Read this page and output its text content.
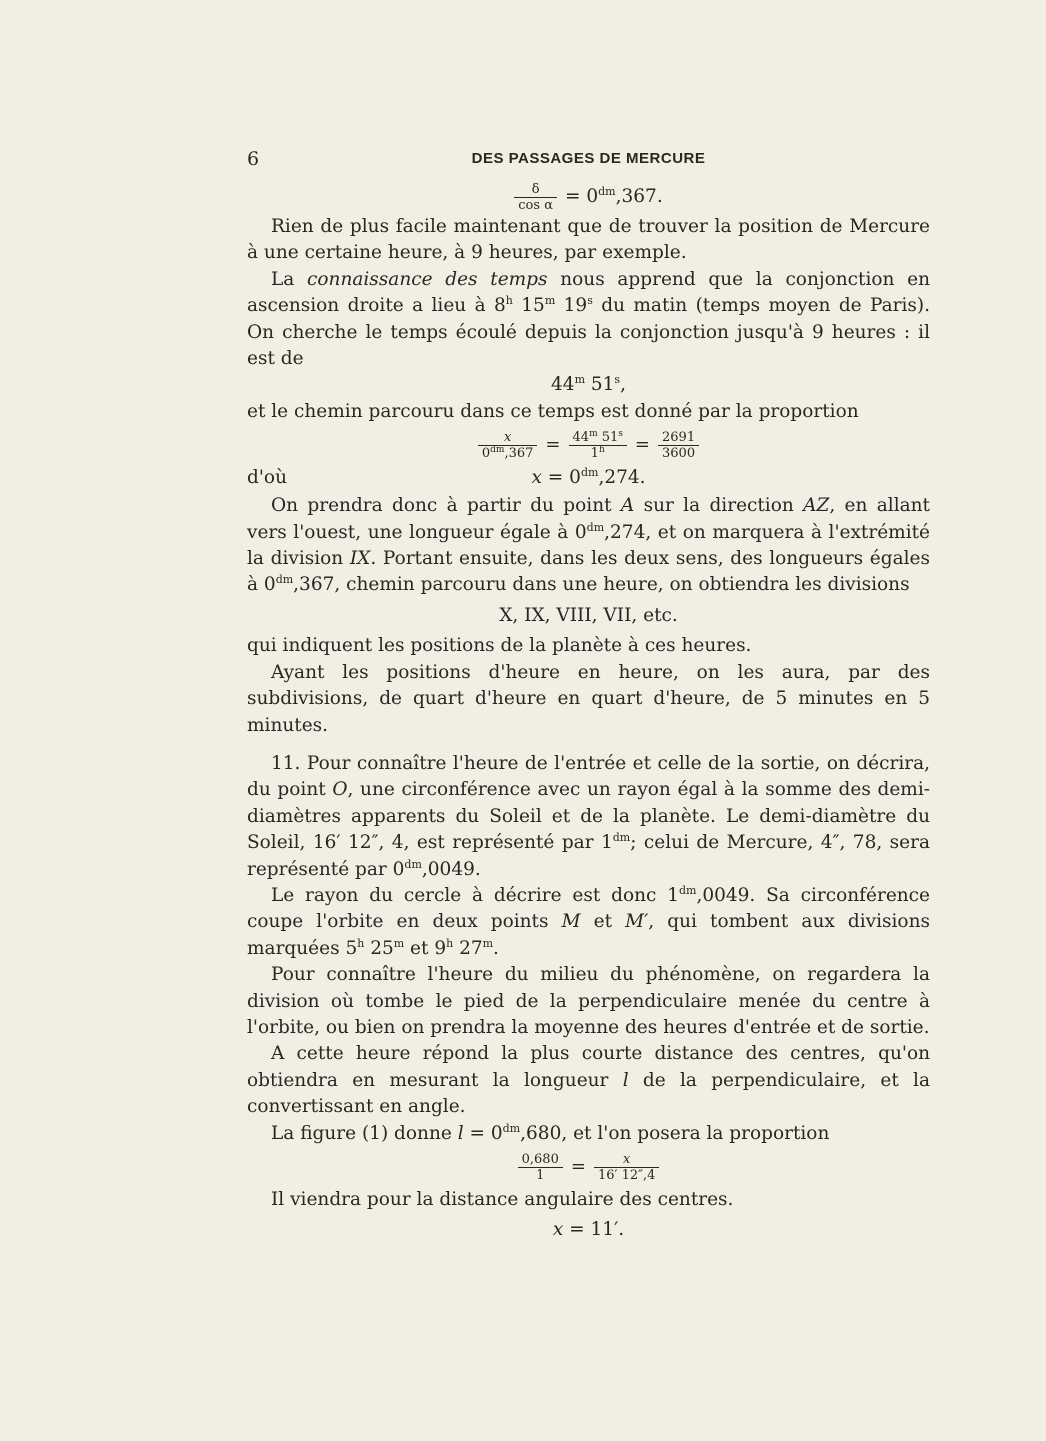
6	DES PASSAGES DE MERCURE
$\frac{\delta}{\text{cos α}} = 0^{dm},367$.

Rien de plus facile maintenant que de trouver la position de Mercure à une certaine heure, à 9 heures, par exemple.

La connaissance des temps nous apprend que la conjonction en ascension droite a lieu à 8$^h$ 15$^m$ 19$^s$ du matin (temps moyen de Paris). On cherche le temps écoulé depuis la conjonction jusqu'à 9 heures : il est de

44$^m$ 51$^s$,

et le chemin parcouru dans ce temps est donné par la proportion

$\frac{x}{0^{dm},367} = \frac{44^m 51^s}{1^h} = \frac{2691}{3600}$
d'où	$x = 0^{dm},274$.

On prendra donc à partir du point A sur la direction AZ, en allant vers l'ouest, une longueur égale à $0^{dm},274$, et on marquera à l'extrémité la division IX. Portant ensuite, dans les deux sens, des longueurs égales à $0^{dm},367$, chemin parcouru dans une heure, on obtiendra les divisions

X, IX, VIII, VII, etc.

qui indiquent les positions de la planète à ces heures.

Ayant les positions d'heure en heure, on les aura, par des subdivisions, de quart d'heure en quart d'heure, de 5 minutes en 5 minutes.

11. Pour connaître l'heure de l'entrée et celle de la sortie, on décrira, du point O, une circonférence avec un rayon égal à la somme des demi-diamètres apparents du Soleil et de la planète. Le demi-diamètre du Soleil, 16′ 12″, 4, est représenté par $1^{dm}$; celui de Mercure, 4″, 78, sera représenté par $0^{dm},0049$.

Le rayon du cercle à décrire est donc $1^{dm},0049$. Sa circonférence coupe l'orbite en deux points M et M′, qui tombent aux divisions marquées 5$^h$ 25$^m$ et 9$^h$ 27$^m$.

Pour connaître l'heure du milieu du phénomène, on regardera la division où tombe le pied de la perpendiculaire menée du centre à l'orbite, ou bien on prendra la moyenne des heures d'entrée et de sortie.

A cette heure répond la plus courte distance des centres, qu'on obtiendra en mesurant la longueur l de la perpendiculaire, et la convertissant en angle.

La figure (1) donne $l = 0^{dm},680$, et l'on posera la proportion

$\frac{0,680}{1} = \frac{x}{16' 12'',4}$

Il viendra pour la distance angulaire des centres.

x = 11′.
